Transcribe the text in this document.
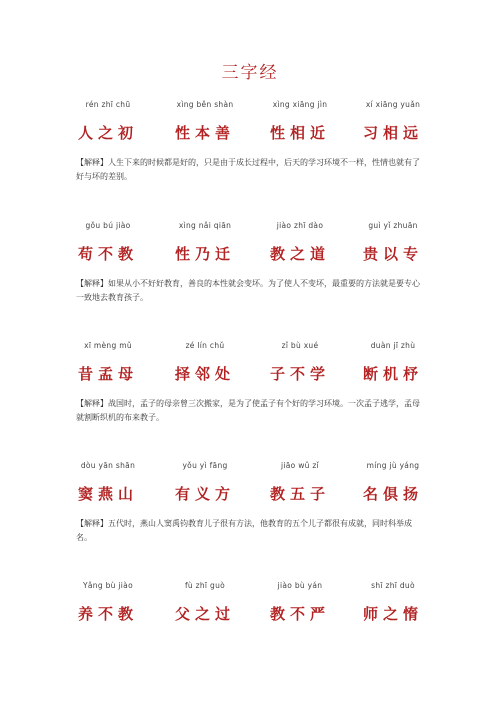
三字经
rén zhī chū
人之初
xìng běn shàn
性本善
xìng xiāng jìn
性相近
xí xiāng yuǎn
习相远
【解释】人生下来的时候都是好的，只是由于成长过程中，后天的学习环境不一样，性情也就有了好与坏的差别。
gǒu bú jiào
苟不教
xìng nǎi qiān
性乃迁
jiào zhī dào
教之道
guì yǐ zhuān
贵以专
【解释】如果从小不好好教育，善良的本性就会变坏。为了使人不变坏，最重要的方法就是要专心一致地去教育孩子。
xī mèng mǔ
昔孟母
zé lín chǔ
择邻处
zǐ bù xué
子不学
duàn jī zhù
断机杼
【解释】战国时，孟子的母亲曾三次搬家，是为了使孟子有个好的学习环境。一次孟子逃学，孟母就割断织机的布来教子。
dòu yān shān
窦燕山
yǒu yì fāng
有义方
jiāo wǔ zǐ
教五子
míng jù yáng
名俱扬
【解释】五代时，燕山人窦禹钧教育儿子很有方法，他教育的五个儿子都很有成就，同时科举成名。
Yǎng bù jiào
养不教
fù zhī guò
父之过
jiào bù yán
教不严
shī zhī duò
师之惰
